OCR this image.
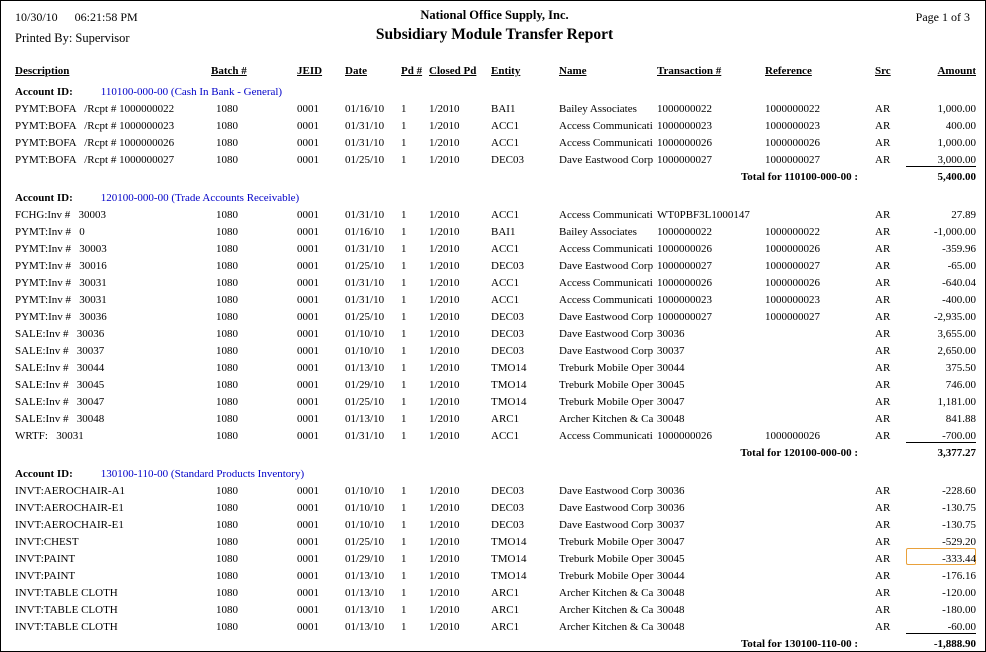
10/30/10 06:21:58 PM
Printed By: Supervisor
National Office Supply, Inc.
Subsidiary Module Transfer Report
Page 1 of 3
Description	Batch #	JEID	Date	Pd #	Closed Pd	Entity	Name	Transaction #	Reference	Src	Amount
Account ID: 110100-000-00 (Cash In Bank - General)											
PYMT:BOFA   /Rcpt # 1000000022	1080	0001	01/16/10	1	1/2010	BAI1	Bailey Associates	1000000022	1000000022	AR	1,000.00
PYMT:BOFA   /Rcpt # 1000000023	1080	0001	01/31/10	1	1/2010	ACC1	Access Communicati	1000000023	1000000023	AR	400.00
PYMT:BOFA   /Rcpt # 1000000026	1080	0001	01/31/10	1	1/2010	ACC1	Access Communicati	1000000026	1000000026	AR	1,000.00
PYMT:BOFA   /Rcpt # 1000000027	1080	0001	01/25/10	1	1/2010	DEC03	Dave Eastwood Corp	1000000027	1000000027	AR	3,000.00
Total for 110100-000-00 :											5,400.00
Account ID: 120100-000-00 (Trade Accounts Receivable)											
FCHG:Inv #   30003	1080	0001	01/31/10	1	1/2010	ACC1	Access Communicati	WT0PBF3L1000147		AR	27.89
PYMT:Inv #   0	1080	0001	01/16/10	1	1/2010	BAI1	Bailey Associates	1000000022	1000000022	AR	-1,000.00
PYMT:Inv #   30003	1080	0001	01/31/10	1	1/2010	ACC1	Access Communicati	1000000026	1000000026	AR	-359.96
PYMT:Inv #   30016	1080	0001	01/25/10	1	1/2010	DEC03	Dave Eastwood Corp	1000000027	1000000027	AR	-65.00
PYMT:Inv #   30031	1080	0001	01/31/10	1	1/2010	ACC1	Access Communicati	1000000026	1000000026	AR	-640.04
PYMT:Inv #   30031	1080	0001	01/31/10	1	1/2010	ACC1	Access Communicati	1000000023	1000000023	AR	-400.00
PYMT:Inv #   30036	1080	0001	01/25/10	1	1/2010	DEC03	Dave Eastwood Corp	1000000027	1000000027	AR	-2,935.00
SALE:Inv #   30036	1080	0001	01/10/10	1	1/2010	DEC03	Dave Eastwood Corp	30036		AR	3,655.00
SALE:Inv #   30037	1080	0001	01/10/10	1	1/2010	DEC03	Dave Eastwood Corp	30037		AR	2,650.00
SALE:Inv #   30044	1080	0001	01/13/10	1	1/2010	TMO14	Treburk Mobile Oper	30044		AR	375.50
SALE:Inv #   30045	1080	0001	01/29/10	1	1/2010	TMO14	Treburk Mobile Oper	30045		AR	746.00
SALE:Inv #   30047	1080	0001	01/25/10	1	1/2010	TMO14	Treburk Mobile Oper	30047		AR	1,181.00
SALE:Inv #   30048	1080	0001	01/13/10	1	1/2010	ARC1	Archer Kitchen & Ca	30048		AR	841.88
WRTF:   30031	1080	0001	01/31/10	1	1/2010	ACC1	Access Communicati	1000000026	1000000026	AR	-700.00
Total for 120100-000-00 :											3,377.27
Account ID: 130100-110-00 (Standard Products Inventory)											
INVT:AEROCHAIR-A1	1080	0001	01/10/10	1	1/2010	DEC03	Dave Eastwood Corp	30036		AR	-228.60
INVT:AEROCHAIR-E1	1080	0001	01/10/10	1	1/2010	DEC03	Dave Eastwood Corp	30036		AR	-130.75
INVT:AEROCHAIR-E1	1080	0001	01/10/10	1	1/2010	DEC03	Dave Eastwood Corp	30037		AR	-130.75
INVT:CHEST	1080	0001	01/25/10	1	1/2010	TMO14	Treburk Mobile Oper	30047		AR	-529.20
INVT:PAINT	1080	0001	01/29/10	1	1/2010	TMO14	Treburk Mobile Oper	30045		AR	-333.44
INVT:PAINT	1080	0001	01/13/10	1	1/2010	TMO14	Treburk Mobile Oper	30044		AR	-176.16
INVT:TABLE CLOTH	1080	0001	01/13/10	1	1/2010	ARC1	Archer Kitchen & Ca	30048		AR	-120.00
INVT:TABLE CLOTH	1080	0001	01/13/10	1	1/2010	ARC1	Archer Kitchen & Ca	30048		AR	-180.00
INVT:TABLE CLOTH	1080	0001	01/13/10	1	1/2010	ARC1	Archer Kitchen & Ca	30048		AR	-60.00
Total for 130100-110-00 :											-1,888.90
